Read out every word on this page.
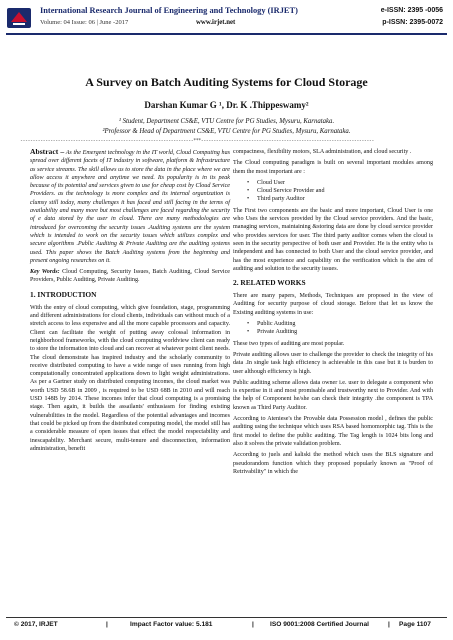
International Research Journal of Engineering and Technology (IRJET)	e-ISSN: 2395 -0056
Volume: 04 Issue: 06 | June -2017	www.irjet.net	p-ISSN: 2395-0072
A Survey on Batch Auditing Systems for Cloud Storage
Darshan Kumar G ¹, Dr. K .Thippeswamy²
¹ Student, Department CS&E, VTU Centre for PG Studies, Mysuru, Karnataka.
²Professor & Head of Department CS&E, VTU Centre for PG Studies, Mysuru, Karnataka.
---------------------------------------------------------------------***---------------------------------------------------------------------

Abstract – As the Emergent technology in the IT world, Cloud Computing has spread over different facets of IT industry in software, platform & Infrastructure as service streams. The skill allows us to store the data in the place where we are allow access it anywhere and anytime we need. Its popularity is in its peak because of its potential and services given to use for cheap cost by Cloud Service Providers. as the technology is more complex and its internal organization is clumsy still today, many challenges it has faced and still facing in the terms of availability and many more but most challenges are faced regarding the security of e data stored by the user in cloud. There are many methodologies are introduced for overcoming the security issues .Auditing systems are the system which is intended to work on the security issues which utilizes complex and secure algorithms .Public Auditing & Private Auditing are the auditing systems used. This paper shows the Batch Auditing systems from the beginning and present ongoing researches on it.

Key Words: Cloud Computing, Security Issues, Batch Auditing, Cloud Service Providers, Public Auditing, Private Auditing.

1. INTRODUCTION

With the entry of cloud computing, which give foundation, stage, programming and different administrations for cloud clients, individuals can without much of a stretch access to less expensive and all the more capable processors and capacity. Client can facilitate the weight of putting away colossal information in neighborhood frameworks, with the cloud computing worldview client can ready to store the information into cloud and can recover at whatever point client needs. The cloud demonstrate has inspired industry and the scholarly community to receive distributed computing to have a wide range of uses running from high computationally concentrated applications down to light weight administrations. As per a Gartner study on distributed computing incomes, the cloud market was worth USD 58.6B in 2009 , is required to be USD 68B in 2010 and will reach USD 148B by 2014. These incomes infer that cloud computing is a promising stage. Then again, it builds the assailants' enthusiasm for finding existing vulnerabilities in the model. Regardless of the potential advantages and incomes that could be picked up from the distributed computing model, the model still has a considerable measure of open issues that effect the model respectability and inescapability. Merchant secure, multi-tenure and disconnection, information administration, benefit

compactness, flexibility motors, SLA administration, and cloud security .

The Cloud computing paradigm is built on several important modules among them the most important are :

• Cloud User
• Cloud Service Provider and
• Third party Auditor

The First two components are the basic and more important, Cloud User is one who Uses the services provided by the Cloud service providers. And the basic, managing services, maintaining &storing data are done by cloud service provider who provides services for user. The third party auditor comes when the cloud is seen in the security perspective of both user and Provider. He is the entity who is independent and has connected to both User and the cloud service provider, and has the most experience and capability on the verification which is the aim of auditing and solution to the security issues.

2. RELATED WORKS

There are many papers, Methods, Techniques are proposed in the view of Auditing for security purpose of cloud storage. Before that let us know the Existing auditing systems in use:

• Public Auditing
• Private Auditing

These two types of auditing are most popular.

Private auditing allows user to challenge the provider to check the integrity of his data .In single task high efficiency is achievable in this case but it is burden to user although efficiency is high.

Public auditing scheme allows data owner i.e. user to delegate a component who is expertise in it and most promisable and trustworthy next to Provider. And with the help of Component he/she can check their integrity .the component is TPA known as Third Party Auditor.

According to Ateniese's the Provable data Possession model , defines the public auditing using the technique which uses RSA based homomorphic tag. This is the first model to define the public auditing. The Tag length is 1024 bits long and also it solves the private validation problem.

According to juels and kaliski the method which uses the BLS signature and pseudorandom function which they proposed popularly known as "Proof of Retrivability" in which the

© 2017, IRJET	|	Impact Factor value: 5.181	| ISO 9001:2008 Certified Journal	| Page 1107
